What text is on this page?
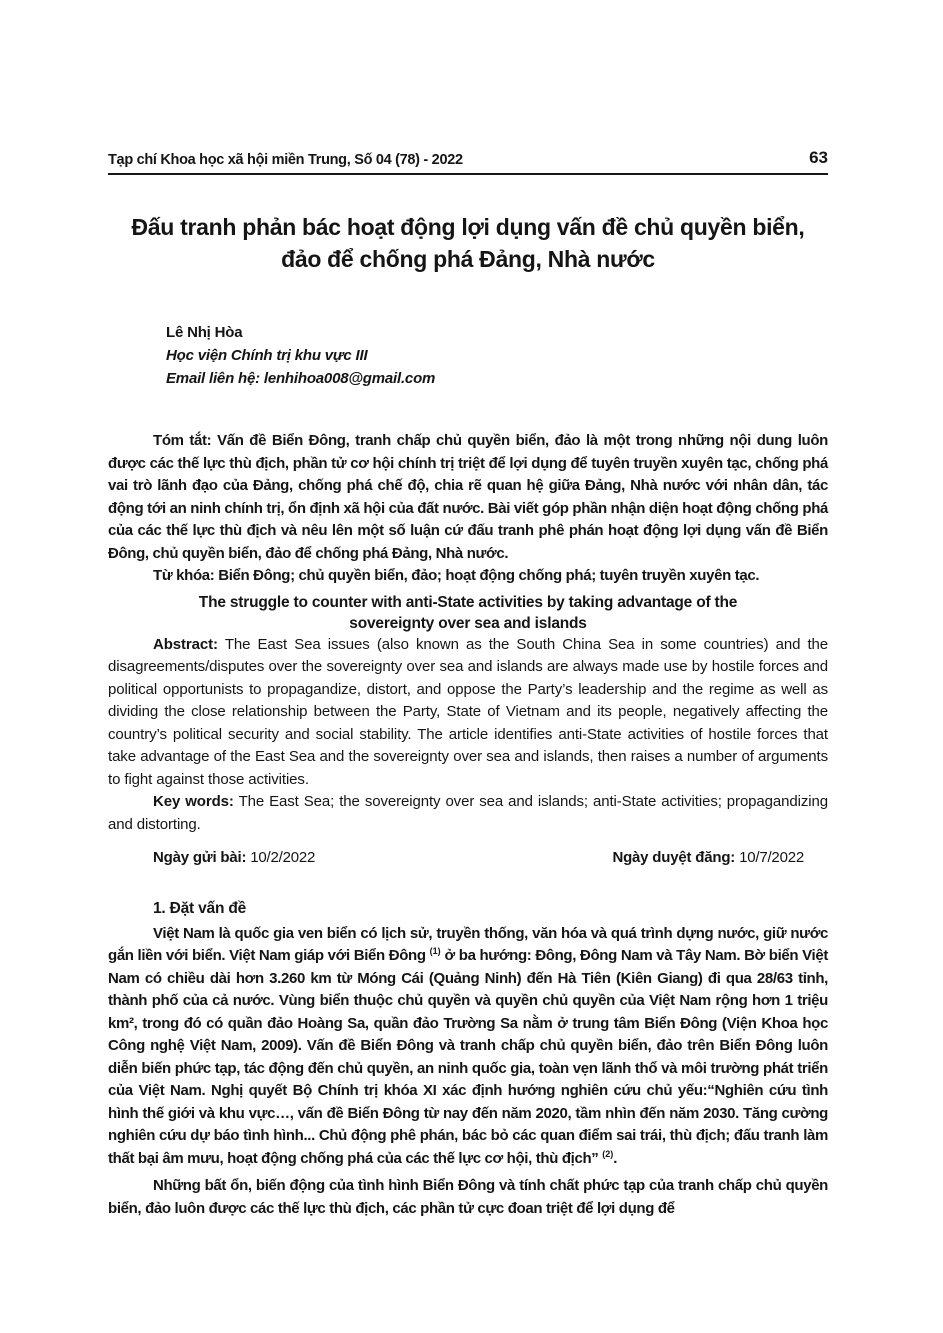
Tạp chí Khoa học xã hội miền Trung, Số 04 (78) - 2022	63
Đấu tranh phản bác hoạt động lợi dụng vấn đề chủ quyền biển, đảo để chống phá Đảng, Nhà nước
Lê Nhị Hòa
Học viện Chính trị khu vực III
Email liên hệ: lenhihoa008@gmail.com

Tóm tắt: Vấn đề Biển Đông, tranh chấp chủ quyền biển, đảo là một trong những nội dung luôn được các thế lực thù địch, phần tử cơ hội chính trị triệt để lợi dụng để tuyên truyền xuyên tạc, chống phá vai trò lãnh đạo của Đảng, chống phá chế độ, chia rẽ quan hệ giữa Đảng, Nhà nước với nhân dân, tác động tới an ninh chính trị, ổn định xã hội của đất nước. Bài viết góp phần nhận diện hoạt động chống phá của các thế lực thù địch và nêu lên một số luận cứ đấu tranh phê phán hoạt động lợi dụng vấn đề Biển Đông, chủ quyền biển, đảo để chống phá Đảng, Nhà nước.

Từ khóa: Biển Đông; chủ quyền biển, đảo; hoạt động chống phá; tuyên truyền xuyên tạc.

The struggle to counter with anti-State activities by taking advantage of the sovereignty over sea and islands

Abstract: The East Sea issues (also known as the South China Sea in some countries) and the disagreements/disputes over the sovereignty over sea and islands are always made use by hostile forces and political opportunists to propagandize, distort, and oppose the Party’s leadership and the regime as well as dividing the close relationship between the Party, State of Vietnam and its people, negatively affecting the country’s political security and social stability. The article identifies anti-State activities of hostile forces that take advantage of the East Sea and the sovereignty over sea and islands, then raises a number of arguments to fight against those activities.

Key words: The East Sea; the sovereignty over sea and islands; anti-State activities; propagandizing and distorting.

Ngày gửi bài: 10/2/2022	Ngày duyệt đăng: 10/7/2022
1. Đặt vấn đề

Việt Nam là quốc gia ven biển có lịch sử, truyền thống, văn hóa và quá trình dựng nước, giữ nước gắn liền với biển. Việt Nam giáp với Biển Đông $^{(1)}$ ở ba hướng: Đông, Đông Nam và Tây Nam. Bờ biển Việt Nam có chiều dài hơn 3.260 km từ Móng Cái (Quảng Ninh) đến Hà Tiên (Kiên Giang) đi qua 28/63 tỉnh, thành phố của cả nước. Vùng biển thuộc chủ quyền và quyền chủ quyền của Việt Nam rộng hơn 1 triệu km², trong đó có quần đảo Hoàng Sa, quần đảo Trường Sa nằm ở trung tâm Biển Đông (Viện Khoa học Công nghệ Việt Nam, 2009). Vấn đề Biển Đông và tranh chấp chủ quyền biển, đảo trên Biển Đông luôn diễn biến phức tạp, tác động đến chủ quyền, an ninh quốc gia, toàn vẹn lãnh thổ và môi trường phát triển của Việt Nam. Nghị quyết Bộ Chính trị khóa XI xác định hướng nghiên cứu chủ yếu:“Nghiên cứu tình hình thế giới và khu vực…, vấn đề Biển Đông từ nay đến năm 2020, tầm nhìn đến năm 2030. Tăng cường nghiên cứu dự báo tình hình... Chủ động phê phán, bác bỏ các quan điểm sai trái, thù địch; đấu tranh làm thất bại âm mưu, hoạt động chống phá của các thế lực cơ hội, thù địch” $^{(2)}$.

Những bất ổn, biến động của tình hình Biển Đông và tính chất phức tạp của tranh chấp chủ quyền biển, đảo luôn được các thế lực thù địch, các phần tử cực đoan triệt để lợi dụng để
